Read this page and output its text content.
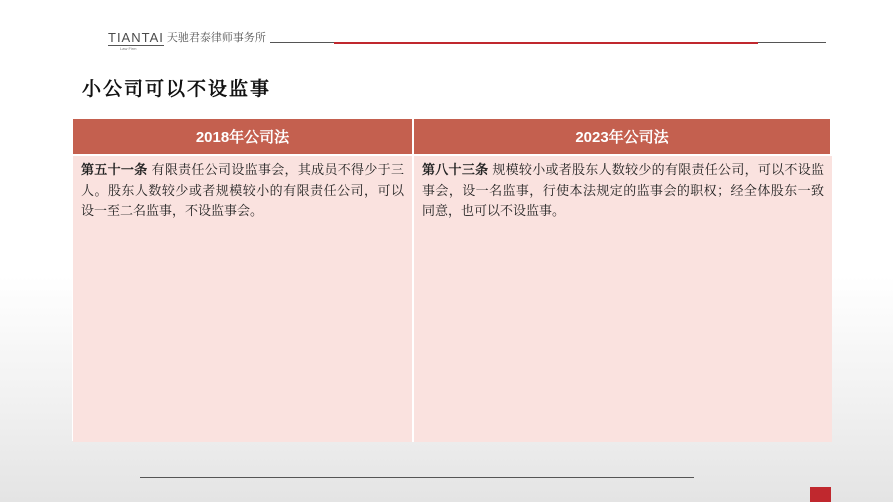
TIANTAI 天驰君泰律师事务所
Law Firm
小公司可以不设监事
2018年公司法	2023年公司法
第五十一条 有限责任公司设监事会，其成员不得少于三人。股东人数较少或者规模较小的有限责任公司，可以设一至二名监事，不设监事会。
第八十三条 规模较小或者股东人数较少的有限责任公司，可以不设监事会，设一名监事，行使本法规定的监事会的职权；经全体股东一致同意，也可以不设监事。
